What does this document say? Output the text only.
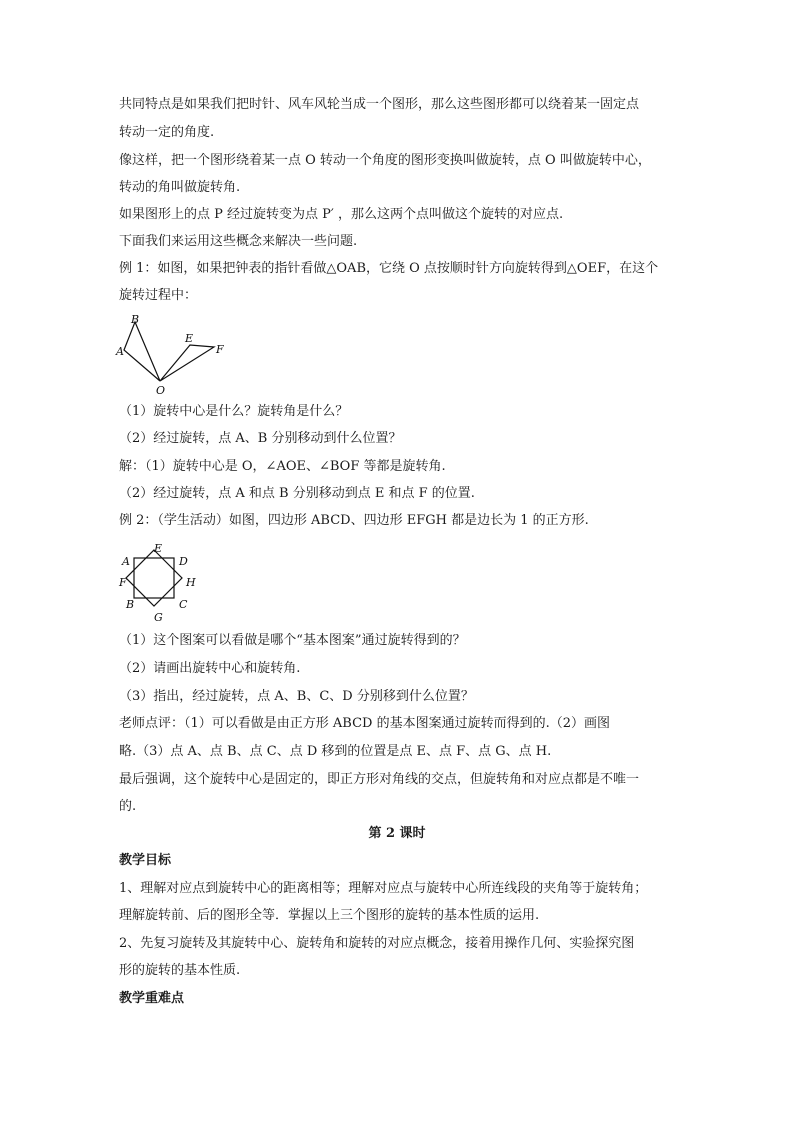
共同特点是如果我们把时针、风车风轮当成一个图形，那么这些图形都可以绕着某一固定点
转动一定的角度.
像这样，把一个图形绕着某一点 O 转动一个角度的图形变换叫做旋转，点 O 叫做旋转中心，
转动的角叫做旋转角.
如果图形上的点 P 经过旋转变为点 P′ ，那么这两个点叫做这个旋转的对应点.
下面我们来运用这些概念来解决一些问题.
例 1：如图，如果把钟表的指针看做△OAB，它绕 O 点按顺时针方向旋转得到△OEF，在这个
旋转过程中：
B
A
E
F
O
（1）旋转中心是什么？旋转角是什么？
（2）经过旋转，点 A、B 分别移动到什么位置？
解：（1）旋转中心是 O，∠AOE、∠BOF 等都是旋转角.
（2）经过旋转，点 A 和点 B 分别移动到点 E 和点 F 的位置.
例 2：（学生活动）如图，四边形 ABCD、四边形 EFGH 都是边长为 1 的正方形.
E
A	D
F	H
B	C
G
（1）这个图案可以看做是哪个“基本图案”通过旋转得到的？
（2）请画出旋转中心和旋转角.
（3）指出，经过旋转，点 A、B、C、D 分别移到什么位置？
老师点评：（1）可以看做是由正方形 ABCD 的基本图案通过旋转而得到的.（2）画图
略.（3）点 A、点 B、点 C、点 D 移到的位置是点 E、点 F、点 G、点 H.
最后强调，这个旋转中心是固定的，即正方形对角线的交点，但旋转角和对应点都是不唯一
的.
第 2 课时
教学目标
1、理解对应点到旋转中心的距离相等；理解对应点与旋转中心所连线段的夹角等于旋转角；
理解旋转前、后的图形全等．掌握以上三个图形的旋转的基本性质的运用.
2、先复习旋转及其旋转中心、旋转角和旋转的对应点概念，接着用操作几何、实验探究图
形的旋转的基本性质.
教学重难点
